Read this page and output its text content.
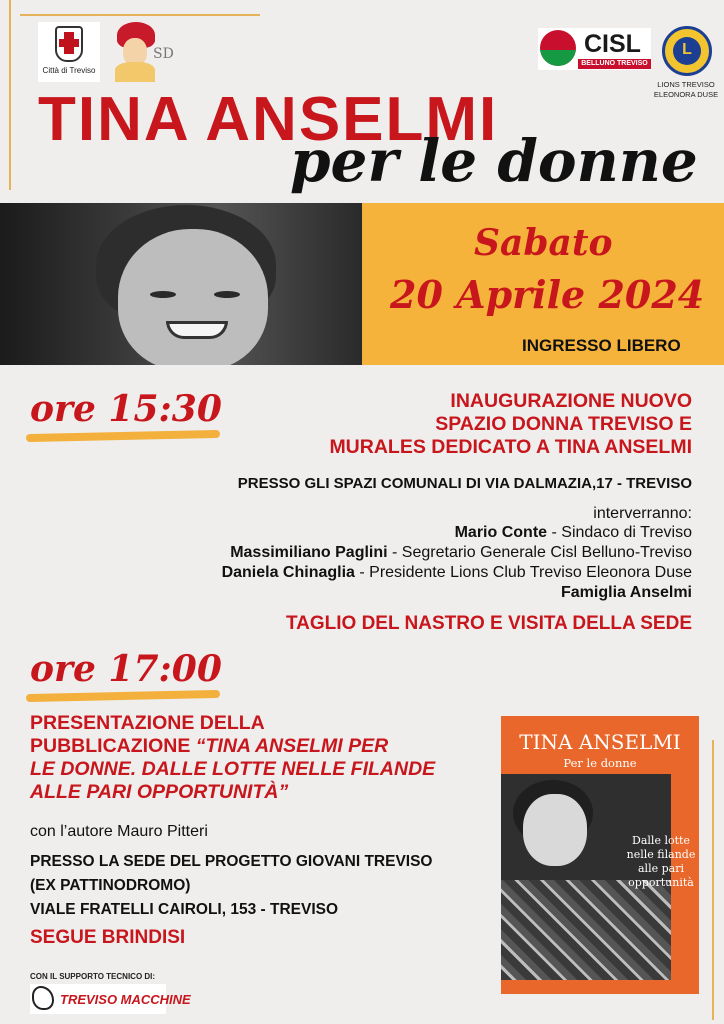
Città di Treviso
SD	CISL
BELLUNO TREVISO
L
LIONS TREVISO ELEONORA DUSE
TINA ANSELMI
per le donne
Sabato
20 Aprile 2024
INGRESSO LIBERO
ore 15:30	INAUGURAZIONE NUOVO
SPAZIO DONNA TREVISO E
MURALES DEDICATO A TINA ANSELMI
PRESSO GLI SPAZI COMUNALI DI VIA DALMAZIA,17 - TREVISO
interverranno:
Mario Conte - Sindaco di Treviso
Massimiliano Paglini - Segretario Generale Cisl Belluno-Treviso
Daniela Chinaglia - Presidente Lions Club Treviso Eleonora Duse
Famiglia Anselmi
TAGLIO DEL NASTRO E VISITA DELLA SEDE
ore 17:00
PRESENTAZIONE DELLA
PUBBLICAZIONE “TINA ANSELMI PER
LE DONNE. DALLE LOTTE NELLE FILANDE
ALLE PARI OPPORTUNITÀ”
con l’autore Mauro Pitteri
PRESSO LA SEDE DEL PROGETTO GIOVANI TREVISO
(EX PATTINODROMO)
VIALE FRATELLI CAIROLI, 153 - TREVISO
SEGUE BRINDISI
TINA ANSELMI
Per le donne
Dalle lotte nelle filande alle pari opportunità
CON IL SUPPORTO TECNICO DI:
TREVISO MACCHINE
